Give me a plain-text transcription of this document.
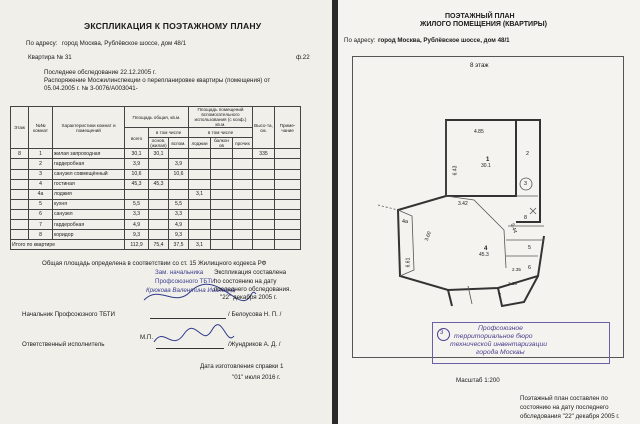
ЭКСПЛИКАЦИЯ К ПОЭТАЖНОМУ ПЛАНУ
По адресу: город Москва, Рублёвское шоссе, дом 48/1
Квартира № 31	ф.22
Последнее обследование 22.12.2005 г.
Распоряжение Мосжилинспекции о перепланировке квартиры (помещения) от
05.04.2005 г. № 3-0076/А003041-
Этаж	№№ комнат	Характеристики комнат и помещений	Площадь общая, кв.м.			Площадь помещений вспомогательного использования (с коэф.) кв.м.			Высо-та, см.	Приме-чание
			всего	в том числе		в том числе				
				основ. (жилая)	вспом.	лоджии	балкон ов	прочих		
8	1	жилая запроходная	30,1	30,1					335	
	2	гардеробная	3,9		3,9					
	3	санузел совмещённый	10,6		10,6					
	4	гостиная	45,3	45,3						
	4а	лоджия				3,1				
	5	кухня	5,5		5,5					
	6	санузел	3,3		3,3					
	7	гардеробная	4,9		4,9					
	8	коридор	9,3		9,3					
Итого по квартире			112,9	75,4	37,5	3,1				
Общая площадь определена в соответствии со ст. 15 Жилищного кодекса РФ
Зам. начальника
Профсоюзного ТБТИ
Крюкова Валентина Ивановна
Экспликация составлена
по состоянию на дату
последнего обследования.
"22" декабря 2005 г.
Начальник Профсоюзного ТБТИ	/ Белоусова Н. П. /
Ответственный исполнитель
М.П.
/Жундриков А. Д. /
Дата изготовления справки 1
"01" июля 2016 г.
ПОЭТАЖНЫЙ ПЛАН
ЖИЛОГО ПОМЕЩЕНИЯ (КВАРТИРЫ)
По адресу: город Москва, Рублёвское шоссе, дом 48/1
8 этаж
4.85
6.43
1
30.1
2
3
3.42
3.60
4
45.3
5.44
4а
6.61
8
5
6
2.35
2.15
7
3
Профсоюзное
территориальное бюро
технической инвентаризации
города Москвы
Масштаб 1:200
Поэтажный план составлен по
состоянию на дату последнего
обследования "22" декабря 2005 г.
